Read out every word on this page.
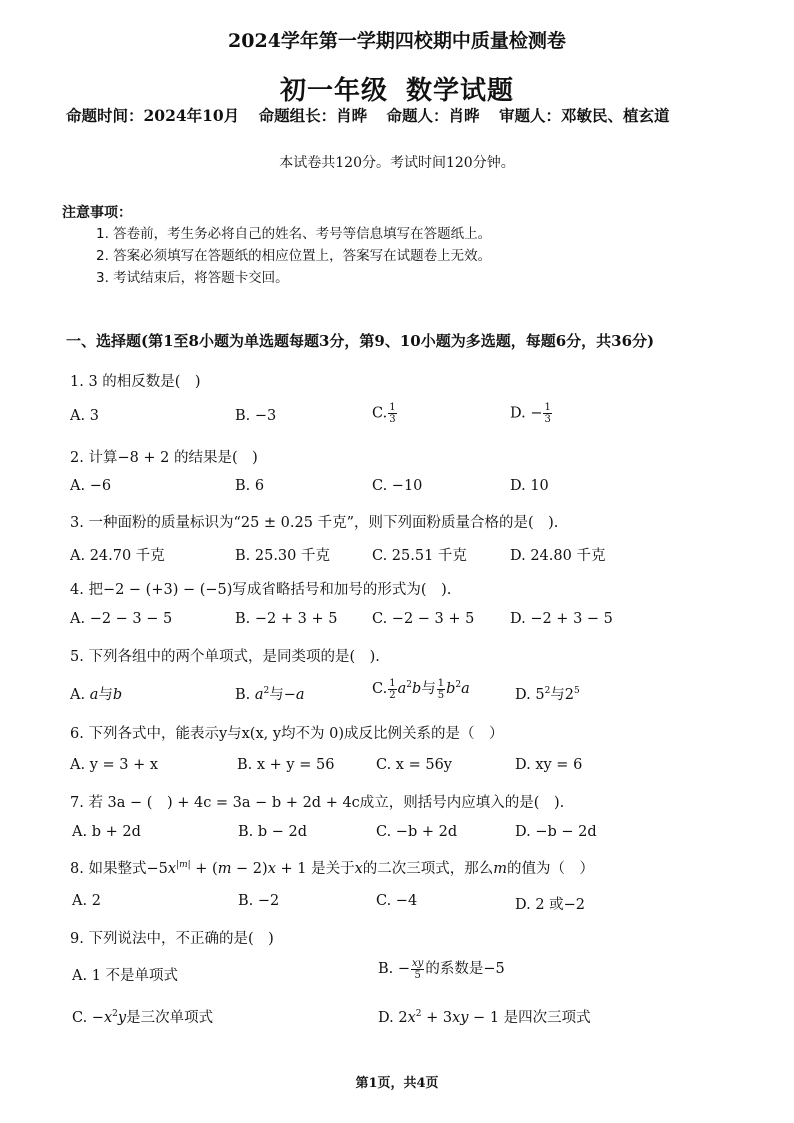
2024学年第一学期四校期中质量检测卷
初一年级 数学试题
命题时间：2024年10月 命题组长：肖晔 命题人：肖晔 审题人：邓敏民、植玄道
本试卷共120分。考试时间120分钟。
注意事项：
1. 答卷前，考生务必将自己的姓名、考号等信息填写在答题纸上。
2. 答案必须填写在答题纸的相应位置上，答案写在试题卷上无效。
3. 考试结束后，将答题卡交回。
一、选择题(第1至8小题为单选题每题3分，第9、10小题为多选题，每题6分，共36分)
1. 3 的相反数是(　)
A. 3	B. −3	C. $\frac{1}{3}$	D. − $\frac{1}{3}$
2. 计算−8 + 2 的结果是(　)
A. −6	B. 6	C. −10	D. 10
3. 一种面粉的质量标识为“25 ± 0.25 千克”，则下列面粉质量合格的是(　).
A. 24.70 千克	B. 25.30 千克	C. 25.51 千克	D. 24.80 千克
4. 把−2 − (+3) − (−5)写成省略括号和加号的形式为(　).
A. −2 − 3 − 5	B. −2 + 3 + 5 C. −2 − 3 + 5 D. −2 + 3 − 5
5. 下列各组中的两个单项式，是同类项的是(　).
A. a与b	B. $a^2$与−a	C. $\frac{1}{2} a^2b$与 $\frac{1}{5} b^2a$	D. $5^2$与$2^5$
6. 下列各式中，能表示y与x(x, y均不为 0)成反比例关系的是（　）
A. y = 3 + x	B. x + y = 56	C. x = 56y	D. xy = 6
7. 若 3a − (　) + 4c = 3a − b + 2d + 4c成立，则括号内应填入的是(　).
A. b + 2d	B. b − 2d	C. −b + 2d	D. −b − 2d
8. 如果整式$-5x^{|m|} + (m - 2)x + 1$ 是关于x的二次三项式，那么m的值为（　）
A. 2	B. −2	C. −4	D. 2 或−2
9. 下列说法中，不正确的是(　)
A. 1 不是单项式	B. − $\frac{xy}{5}$ 的系数是−5
C. $-x^2y$是三次单项式	D. $2x^2 + 3xy - 1$ 是四次三项式
第1页，共4页
